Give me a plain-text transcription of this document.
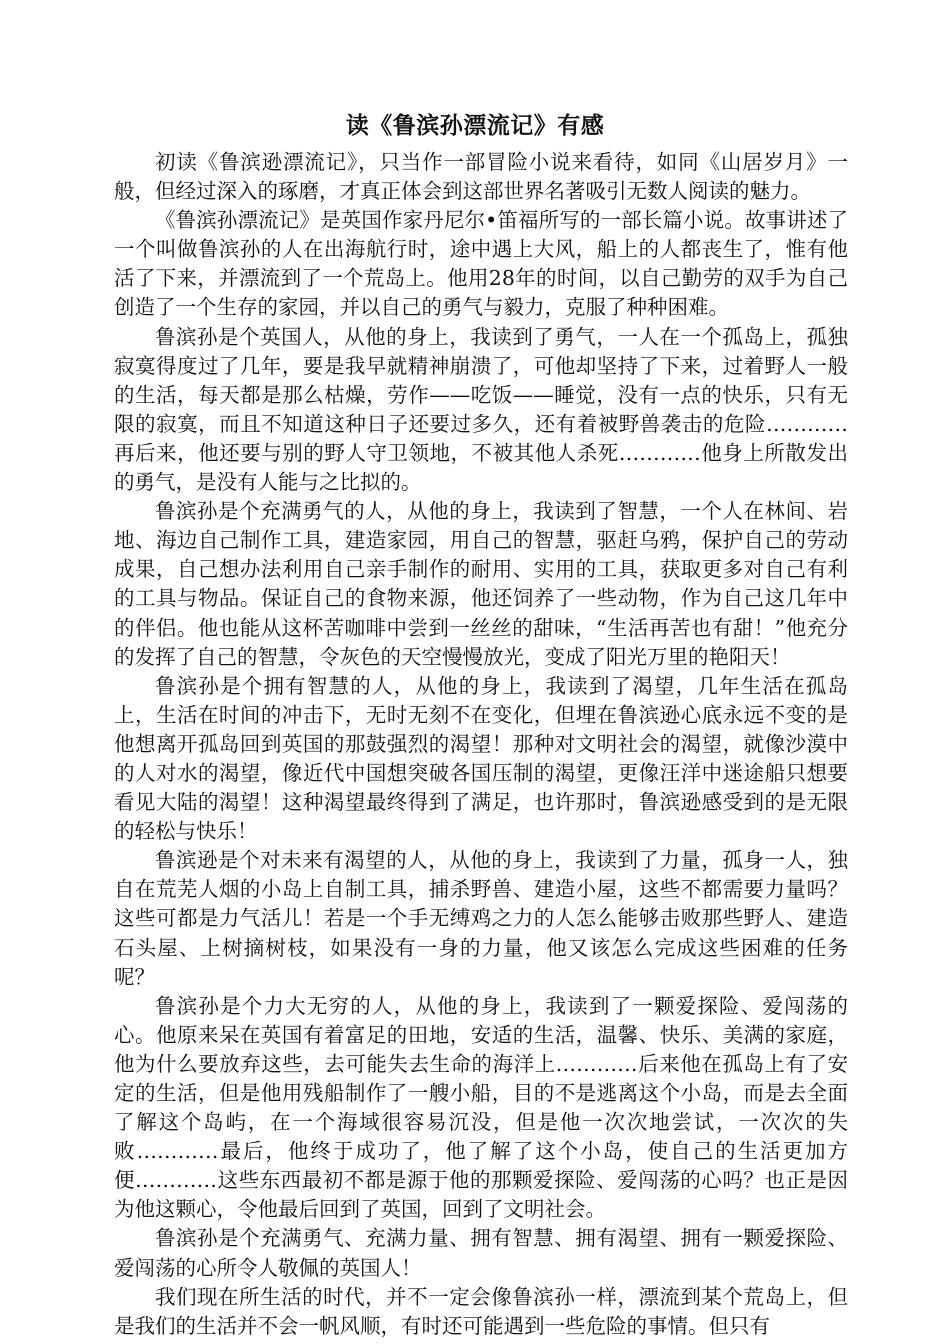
读《鲁滨孙漂流记》有感

初读《鲁滨逊漂流记》，只当作一部冒险小说来看待，如同《山居岁月》一般，但经过深入的琢磨，才真正体会到这部世界名著吸引无数人阅读的魅力。

《鲁滨孙漂流记》是英国作家丹尼尔•笛福所写的一部长篇小说。故事讲述了一个叫做鲁滨孙的人在出海航行时，途中遇上大风，船上的人都丧生了，惟有他活了下来，并漂流到了一个荒岛上。他用28年的时间，以自己勤劳的双手为自己创造了一个生存的家园，并以自己的勇气与毅力，克服了种种困难。

鲁滨孙是个英国人，从他的身上，我读到了勇气，一人在一个孤岛上，孤独寂寞得度过了几年，要是我早就精神崩溃了，可他却坚持了下来，过着野人一般的生活，每天都是那么枯燥，劳作——吃饭——睡觉，没有一点的快乐，只有无限的寂寞，而且不知道这种日子还要过多久，还有着被野兽袭击的危险…………再后来，他还要与别的野人守卫领地，不被其他人杀死…………他身上所散发出的勇气，是没有人能与之比拟的。

鲁滨孙是个充满勇气的人，从他的身上，我读到了智慧，一个人在林间、岩地、海边自己制作工具，建造家园，用自己的智慧，驱赶乌鸦，保护自己的劳动成果，自己想办法利用自己亲手制作的耐用、实用的工具，获取更多对自己有利的工具与物品。保证自己的食物来源，他还饲养了一些动物，作为自己这几年中的伴侣。他也能从这杯苦咖啡中尝到一丝丝的甜味，“生活再苦也有甜！”他充分的发挥了自己的智慧，令灰色的天空慢慢放光，变成了阳光万里的艳阳天！

鲁滨孙是个拥有智慧的人，从他的身上，我读到了渴望，几年生活在孤岛上，生活在时间的冲击下，无时无刻不在变化，但埋在鲁滨逊心底永远不变的是他想离开孤岛回到英国的那鼓强烈的渴望！那种对文明社会的渴望，就像沙漠中的人对水的渴望，像近代中国想突破各国压制的渴望，更像汪洋中迷途船只想要看见大陆的渴望！这种渴望最终得到了满足，也许那时，鲁滨逊感受到的是无限的轻松与快乐！

鲁滨逊是个对未来有渴望的人，从他的身上，我读到了力量，孤身一人，独自在荒芜人烟的小岛上自制工具，捕杀野兽、建造小屋，这些不都需要力量吗？这些可都是力气活儿！若是一个手无缚鸡之力的人怎么能够击败那些野人、建造石头屋、上树摘树枝，如果没有一身的力量，他又该怎么完成这些困难的任务呢？

鲁滨孙是个力大无穷的人，从他的身上，我读到了一颗爱探险、爱闯荡的心。他原来呆在英国有着富足的田地，安适的生活，温馨、快乐、美满的家庭，他为什么要放弃这些，去可能失去生命的海洋上…………后来他在孤岛上有了安定的生活，但是他用残船制作了一艘小船，目的不是逃离这个小岛，而是去全面了解这个岛屿，在一个海域很容易沉没，但是他一次次地尝试，一次次的失败…………最后，他终于成功了，他了解了这个小岛，使自己的生活更加方便…………这些东西最初不都是源于他的那颗爱探险、爱闯荡的心吗？也正是因为他这颗心，令他最后回到了英国，回到了文明社会。

鲁滨孙是个充满勇气、充满力量、拥有智慧、拥有渴望、拥有一颗爱探险、爱闯荡的心所令人敬佩的英国人！

我们现在所生活的时代，并不一定会像鲁滨孙一样，漂流到某个荒岛上，但是我们的生活并不会一帆风顺，有时还可能遇到一些危险的事情。但只有
